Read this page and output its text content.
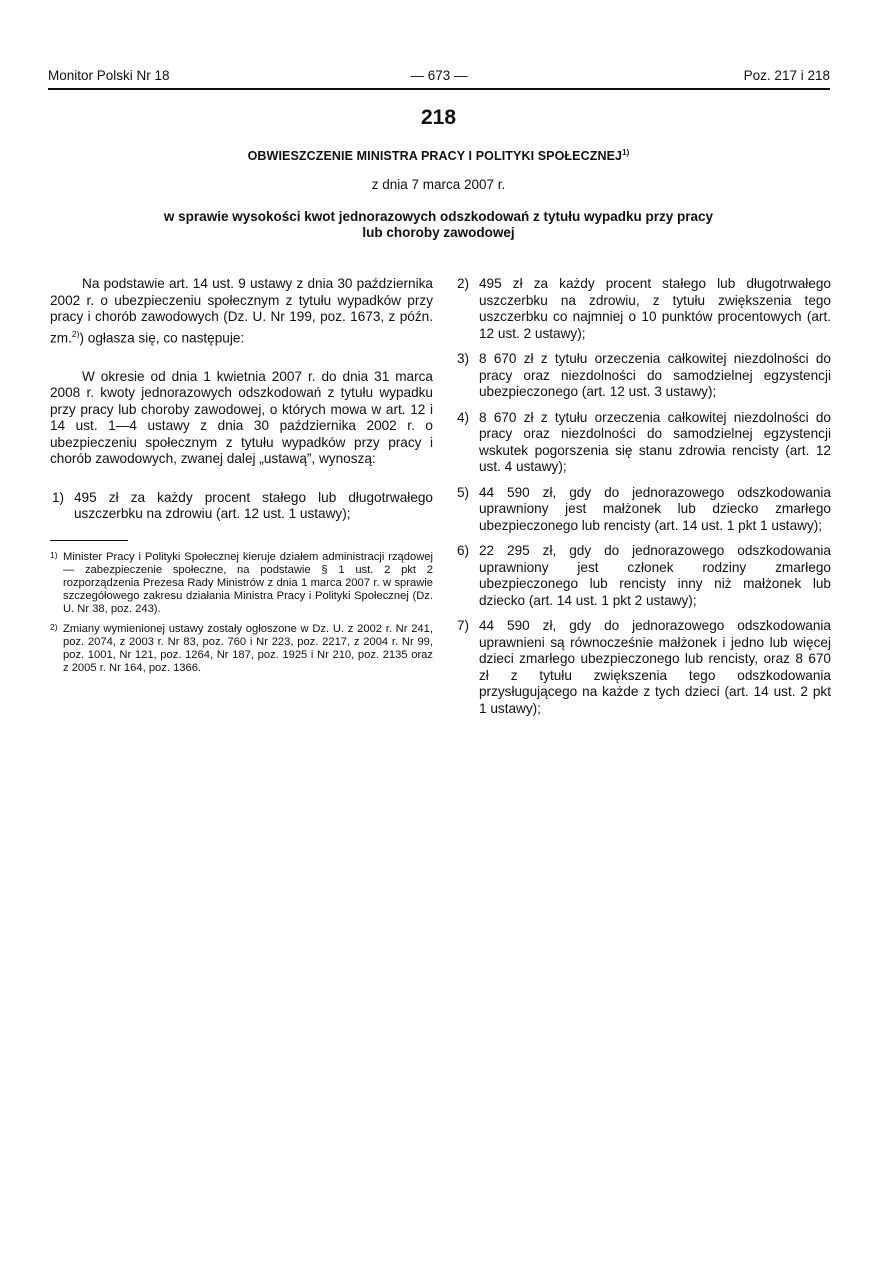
Monitor Polski Nr 18	— 673 —	Poz. 217 i 218
218
OBWIESZCZENIE MINISTRA PRACY I POLITYKI SPOŁECZNEJ$^{1)}$
z dnia 7 marca 2007 r.
w sprawie wysokości kwot jednorazowych odszkodowań z tytułu wypadku przy pracy
lub choroby zawodowej

Na podstawie art. 14 ust. 9 ustawy z dnia 30 października 2002 r. o ubezpieczeniu społecznym z tytułu wypadków przy pracy i chorób zawodowych (Dz. U. Nr 199, poz. 1673, z późn. zm.$^{2)}$) ogłasza się, co następuje:

W okresie od dnia 1 kwietnia 2007 r. do dnia 31 marca 2008 r. kwoty jednorazowych odszkodowań z tytułu wypadku przy pracy lub choroby zawodowej, o których mowa w art. 12 i 14 ust. 1—4 ustawy z dnia 30 października 2002 r. o ubezpieczeniu społecznym z tytułu wypadków przy pracy i chorób zawodowych, zwanej dalej „ustawą”, wynoszą:

1) 495 zł za każdy procent stałego lub długotrwałego uszczerbku na zdrowiu (art. 12 ust. 1 ustawy);
1) Minister Pracy i Polityki Społecznej kieruje działem administracji rządowej — zabezpieczenie społeczne, na podstawie § 1 ust. 2 pkt 2 rozporządzenia Prezesa Rady Ministrów z dnia 1 marca 2007 r. w sprawie szczegółowego zakresu działania Ministra Pracy i Polityki Społecznej (Dz. U. Nr 38, poz. 243).
2) Zmiany wymienionej ustawy zostały ogłoszone w Dz. U. z 2002 r. Nr 241, poz. 2074, z 2003 r. Nr 83, poz. 760 i Nr 223, poz. 2217, z 2004 r. Nr 99, poz. 1001, Nr 121, poz. 1264, Nr 187, poz. 1925 i Nr 210, poz. 2135 oraz z 2005 r. Nr 164, poz. 1366.
2) 495 zł za każdy procent stałego lub długotrwałego uszczerbku na zdrowiu, z tytułu zwiększenia tego uszczerbku co najmniej o 10 punktów procentowych (art. 12 ust. 2 ustawy);
3) 8 670 zł z tytułu orzeczenia całkowitej niezdolności do pracy oraz niezdolności do samodzielnej egzystencji ubezpieczonego (art. 12 ust. 3 ustawy);
4) 8 670 zł z tytułu orzeczenia całkowitej niezdolności do pracy oraz niezdolności do samodzielnej egzystencji wskutek pogorszenia się stanu zdrowia rencisty (art. 12 ust. 4 ustawy);
5) 44 590 zł, gdy do jednorazowego odszkodowania uprawniony jest małżonek lub dziecko zmarłego ubezpieczonego lub rencisty (art. 14 ust. 1 pkt 1 ustawy);
6) 22 295 zł, gdy do jednorazowego odszkodowania uprawniony jest członek rodziny zmarłego ubezpieczonego lub rencisty inny niż małżonek lub dziecko (art. 14 ust. 1 pkt 2 ustawy);
7) 44 590 zł, gdy do jednorazowego odszkodowania uprawnieni są równocześnie małżonek i jedno lub więcej dzieci zmarłego ubezpieczonego lub rencisty, oraz 8 670 zł z tytułu zwiększenia tego odszkodowania przysługującego na każde z tych dzieci (art. 14 ust. 2 pkt 1 ustawy);
